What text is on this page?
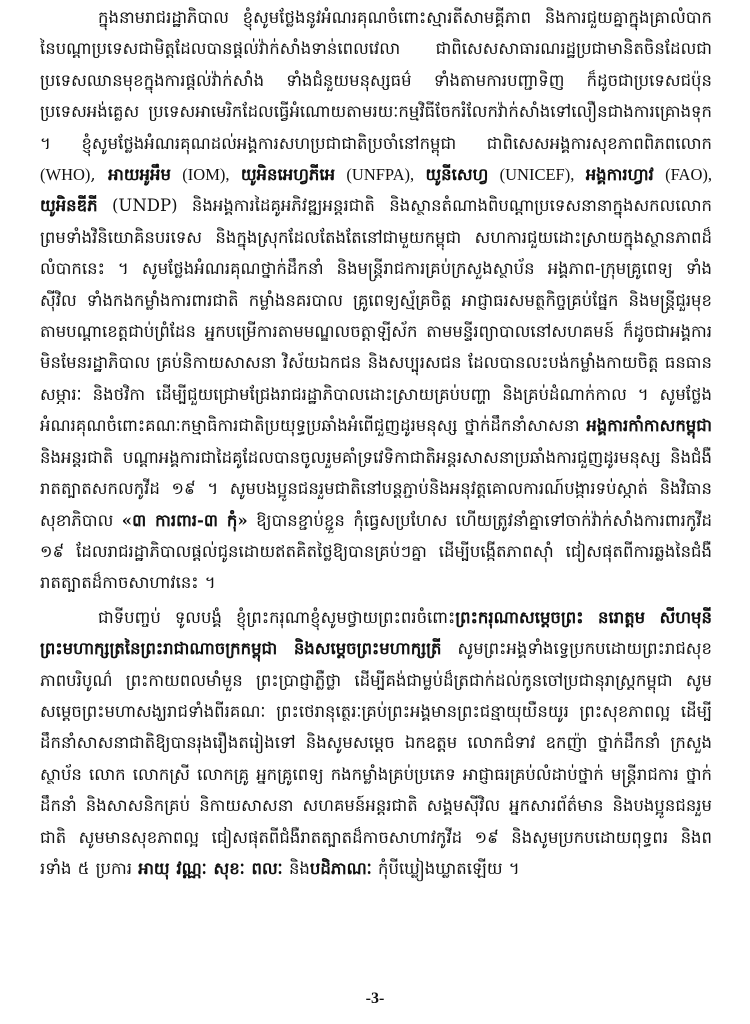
ក្នុងនាមរាជរដ្ឋាភិបាល ខ្ញុំសូមថ្លែងនូវអំណរគុណចំពោះស្មារតីសាមគ្គីភាព និងការជួយគ្នាក្នុងគ្រាលំបាក នៃបណ្តាប្រទេសជាមិត្តដែលបានផ្តល់វ៉ាក់សាំងទាន់ពេលវេលា ជាពិសេសសាធារណរដ្ឋប្រជាមានិតចិនដែលជាប្រទេសឈានមុខក្នុងការផ្តល់វ៉ាក់សាំង ទាំងជំនួយមនុស្សធម៌ ទាំងតាមការបញ្ជាទិញ ក៏ដូចជាប្រទេសជប៉ុន ប្រទេសអង់គ្លេស ប្រទេសអាមេរិកដែលធ្វើអំណោយតាមរយៈកម្មវិធីចែករំលែកវ៉ាក់សាំងទៅលឿនជាងការគ្រោងទុក ។ ខ្ញុំសូមថ្លែងអំណរគុណដល់អង្គការសហប្រជាជាតិប្រចាំនៅកម្ពុជា ជាពិសេសអង្គការសុខភាពពិភពលោក (WHO), អាយអូអឹម (IOM), យូអិនអេហ្វភីអេ (UNFPA), យូនីសេហ្វ (UNICEF), អង្គការហ្វាវ (FAO), យូអិនឌីភី (UNDP) និងអង្គការដៃគូអភិវឌ្ឍអន្តរជាតិ និងស្ថានតំណាងពិបណ្តាប្រទេសនានាក្នុងសកលលោក ព្រមទាំងវិនិយោគិនបរទេស និងក្នុងស្រុកដែលតែងតែនៅជាមួយកម្ពុជា សហការជួយដោះស្រាយក្នុងស្ថានភាពដ៏លំបាកនេះ ។ សូមថ្លែងអំណរគុណថ្នាក់ដឹកនាំ និងមន្ត្រីរាជការគ្រប់ក្រសួងស្ថាប័ន អង្គភាព-ក្រុមគ្រូពេទ្យ ទាំងស៊ីវិល ទាំងកងកម្លាំងការពារជាតិ កម្លាំងនគរបាល គ្រូពេទ្យស្ម័គ្រចិត្ត អាជ្ញាធរសមត្ថកិច្ចគ្រប់ផ្នែក និងមន្ត្រីជួរមុខ តាមបណ្តាខេត្តជាប់ព្រំដែន អ្នកបម្រើការតាមមណ្ឌលចត្តាឡីស័ក តាមមន្ទីរព្យាបាលនៅសហគមន៍ ក៏ដូចជាអង្គការមិនមែនរដ្ឋាភិបាល គ្រប់និកាយសាសនា វិស័យឯកជន និងសប្បុរសជន ដែលបានលះបង់កម្លាំងកាយចិត្ត ធនធានសម្ភារៈ និងថវិកា ដើម្បីជួយជ្រោមជ្រែងរាជរដ្ឋាភិបាលដោះស្រាយគ្រប់បញ្ហា និងគ្រប់ដំណាក់កាល ។ សូមថ្លែងអំណរគុណចំពោះគណៈកម្មាធិការជាតិប្រយុទ្ធប្រឆាំងអំពើជួញដូរមនុស្ស ថ្នាក់ដឹកនាំសាសនា អង្គការកាំកាសកម្ពុជា និងអន្តរជាតិ បណ្តាអង្គការជាដៃគូដែលបានចូលរួមគាំទ្រវេទិកាជាតិអន្តរសាសនាប្រឆាំងការជួញដូរមនុស្ស និងជំងឺរាតត្បាតសកលកូវីដ ១៩ ។ សូមបងប្អូនជនរួមជាតិនៅបន្តភ្ជាប់និងអនុវត្តគោលការណ៍បង្ការទប់ស្កាត់ និងវិធានសុខាភិបាល «៣ ការពារ-៣ កុំ» ឱ្យបានខ្ជាប់ខ្ជួន កុំធ្វេសប្រហែស ហើយត្រូវនាំគ្នាទៅចាក់វ៉ាក់សាំងការពារកូវីដ ១៩ ដែលរាជរដ្ឋាភិបាលផ្តល់ជូនដោយឥតគិតថ្លៃឱ្យបានគ្រប់ៗគ្នា ដើម្បីបង្កើតភាពស៊ាំ ជៀសផុតពីការឆ្លងនៃជំងឺរាតត្បាតដ៏កាចសាហាវនេះ ។

ជាទីបញ្ចប់ ទូលបង្គំ ខ្ញុំព្រះករុណាខ្ញុំសូមថ្វាយព្រះពរចំពោះព្រះករុណាសម្ដេចព្រះ នរោត្តម សីហមុនី ព្រះមហាក្សត្រនៃព្រះរាជាណាចក្រកម្ពុជា និងសម្ដេចព្រះមហាក្សត្រី សូមព្រះអង្គទាំងទ្វេប្រកបដោយព្រះរាជសុខភាពបរិបូណ៌ ព្រះកាយពលមាំមួន ព្រះប្រាជ្ញាភ្លឺថ្លា ដើម្បីគង់ជាម្លប់ដ៏ត្រជាក់ដល់កូនចៅប្រជានុរាស្ត្រកម្ពុជា សូមសម្ដេចព្រះមហាសង្ឃរាជទាំងពីរគណៈ ព្រះថេរានុត្ថេរៈគ្រប់ព្រះអង្គមានព្រះជន្មាយុយឺនយូរ ព្រះសុខភាពល្អ ដើម្បីដឹកនាំសាសនាជាតិឱ្យបានរុងរឿងតរៀងទៅ និងសូមសម្ដេច ឯកឧត្តម លោកជំទាវ ឧកញ៉ា ថ្នាក់ដឹកនាំ ក្រសួងស្ថាប័ន លោក លោកស្រី លោកគ្រូ អ្នកគ្រូពេទ្យ កងកម្លាំងគ្រប់ប្រភេទ អាជ្ញាធរគ្រប់លំដាប់ថ្នាក់ មន្ត្រីរាជការ ថ្នាក់ដឹកនាំ និងសាសនិកគ្រប់ និកាយសាសនា សហគមន៍អន្តរជាតិ សង្គមស៊ីវិល អ្នកសារព័ត៌មាន និងបងប្អូនជនរួមជាតិ សូមមានសុខភាពល្អ ជៀសផុតពីជំងឺរាតត្បាតដ៏កាចសាហាវកូវីដ ១៩ និងសូមប្រកបដោយពុទ្ធពរ និងពរទាំង ៥ ប្រការ អាយុ វណ្ណៈ សុខៈ ពលៈ និងបដិភាណៈ កុំបីឃ្លៀងឃ្លាតឡើយ ។

-3-
